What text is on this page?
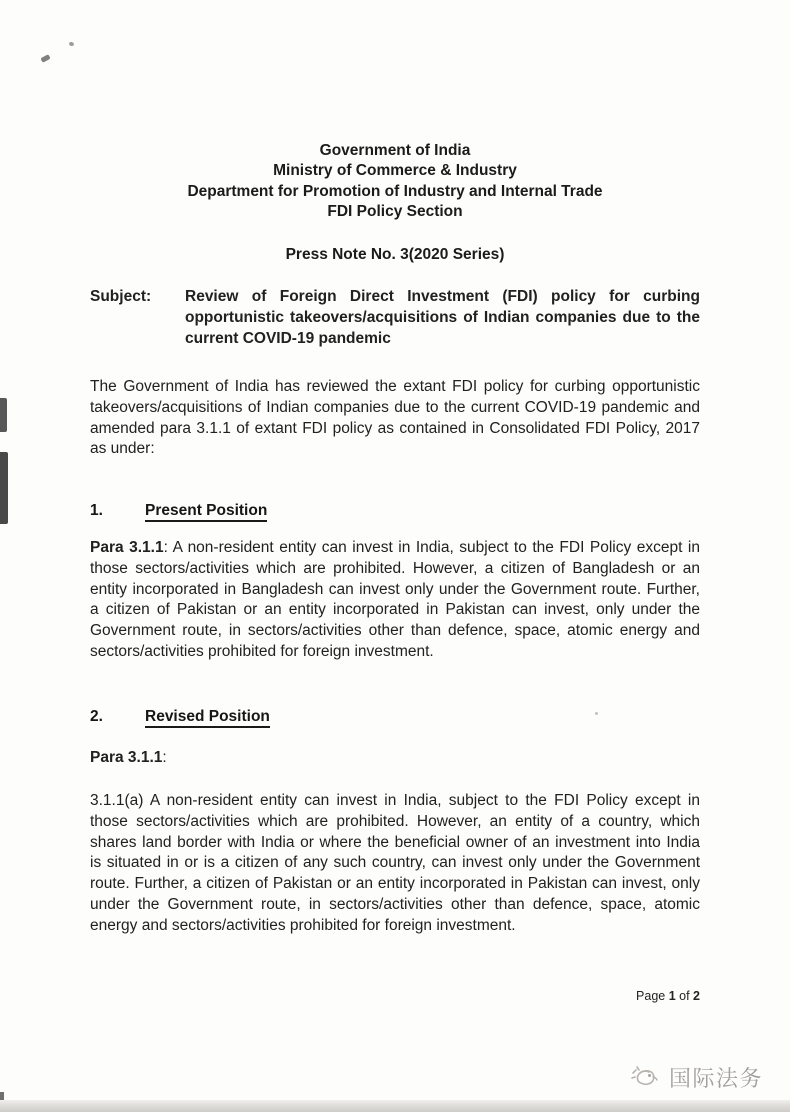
Government of India
Ministry of Commerce & Industry
Department for Promotion of Industry and Internal Trade
FDI Policy Section
Press Note No. 3(2020 Series)
Subject: Review of Foreign Direct Investment (FDI) policy for curbing
opportunistic takeovers/acquisitions of Indian companies due to the
current COVID-19 pandemic
The Government of India has reviewed the extant FDI policy for curbing opportunistic
takeovers/acquisitions of Indian companies due to the current COVID-19 pandemic and
amended para 3.1.1 of extant FDI policy as contained in Consolidated FDI Policy, 2017
as under:
1.	Present Position
Para 3.1.1: A non-resident entity can invest in India, subject to the FDI Policy except in
those sectors/activities which are prohibited. However, a citizen of Bangladesh or an
entity incorporated in Bangladesh can invest only under the Government route. Further,
a citizen of Pakistan or an entity incorporated in Pakistan can invest, only under the
Government route, in sectors/activities other than defence, space, atomic energy and
sectors/activities prohibited for foreign investment.
2.	Revised Position
Para 3.1.1:
3.1.1(a) A non-resident entity can invest in India, subject to the FDI Policy except in
those sectors/activities which are prohibited. However, an entity of a country, which
shares land border with India or where the beneficial owner of an investment into India
is situated in or is a citizen of any such country, can invest only under the Government
route. Further, a citizen of Pakistan or an entity incorporated in Pakistan can invest, only
under the Government route, in sectors/activities other than defence, space, atomic
energy and sectors/activities prohibited for foreign investment.
Page 1 of 2
国际法务
